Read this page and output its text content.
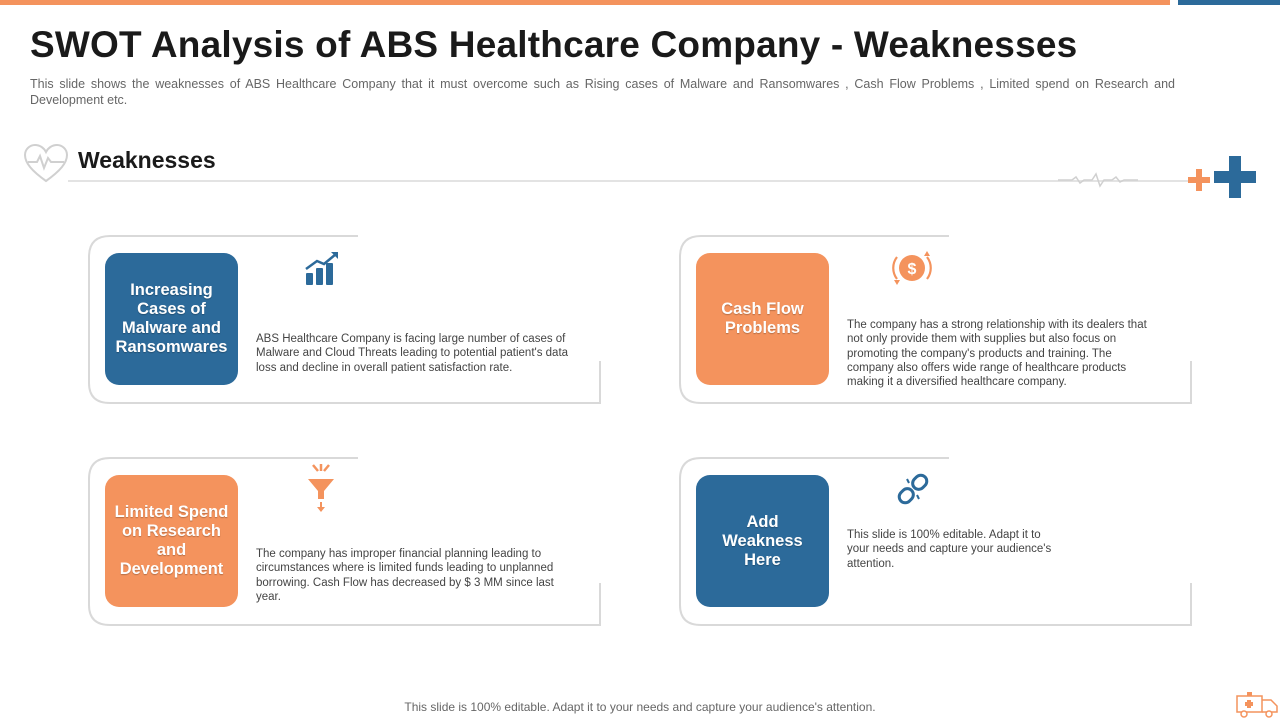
SWOT Analysis of ABS Healthcare Company - Weaknesses

This slide shows the weaknesses of ABS Healthcare Company that it must overcome such as Rising cases of Malware and Ransomwares , Cash Flow Problems , Limited spend on Research and Development etc.

Weaknesses
Increasing Cases of Malware and Ransomwares	ABS Healthcare Company is facing large number of cases of Malware and Cloud Threats leading to potential patient's data loss and decline in overall patient satisfaction rate.

Cash Flow Problems
$

The company has a strong relationship with its dealers that not only provide them with supplies but also focus on promoting the company's products and training. The company also offers wide range of healthcare products making it a diversified healthcare company.

Limited Spend on Research and Development

The company has improper financial planning leading to circumstances where is limited funds leading to unplanned borrowing. Cash Flow has decreased by $ 3 MM since last year.

Add Weakness Here

This slide is 100% editable. Adapt it to your needs and capture your audience's attention.

This slide is 100% editable. Adapt it to your needs and capture your audience's attention.
